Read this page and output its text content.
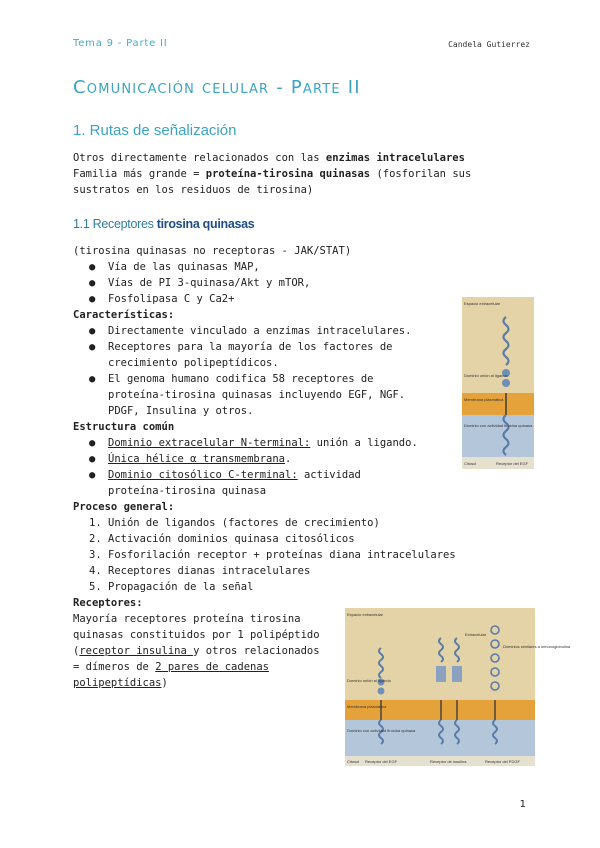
Tema 9 - Parte II	Candela Gutierrez
Comunicación celular - Parte II
1. Rutas de señalización
Otros directamente relacionados con las enzimas intracelulares
Familia más grande = proteína-tirosina quinasas (fosforilan sus
sustratos en los residuos de tirosina)
1.1 Receptores tirosina quinasas
(tirosina quinasas no receptoras - JAK/STAT)
● Vía de las quinasas MAP,
● Vías de PI 3-quinasa/Akt y mTOR,
● Fosfolipasa C y Ca2+
Características:
● Directamente vinculado a enzimas intracelulares.
● Receptores para la mayoría de los factores de
crecimiento polipeptídicos.
● El genoma humano codifica 58 receptores de
proteína-tirosina quinasas incluyendo EGF, NGF.
PDGF, Insulina y otros.
Estructura común
● Dominio extracelular N-terminal: unión a ligando.
● Única hélice α transmembrana.
● Dominio citosólico C-terminal: actividad
proteína-tirosina quinasa
Proceso general:
1. Unión de ligandos (factores de crecimiento)
2. Activación dominios quinasa citosólicos
3. Fosforilación receptor + proteínas diana intracelulares
4. Receptores dianas intracelulares
5. Propagación de la señal
Receptores:
Mayoría receptores proteína tirosina
quinasas constituidos por 1 polipéptido
(receptor insulina y otros relacionados
= dímeros de 2 pares de cadenas
polipeptídicas)
Espacio extracelular
Dominio unión al ligando
Membrana plasmática
Dominio con actividad tirosina quinasa
Citosol	Receptor del EGF
Espacio extracelular
Dominio unión al ligando
Membrana plasmática
Dominio con actividad tirosina quinasa
Extracelular
Dominios similares a inmunoglobulina
Citosol Receptor del EGF	Receptor de insulina	Receptor del PDGF
1
